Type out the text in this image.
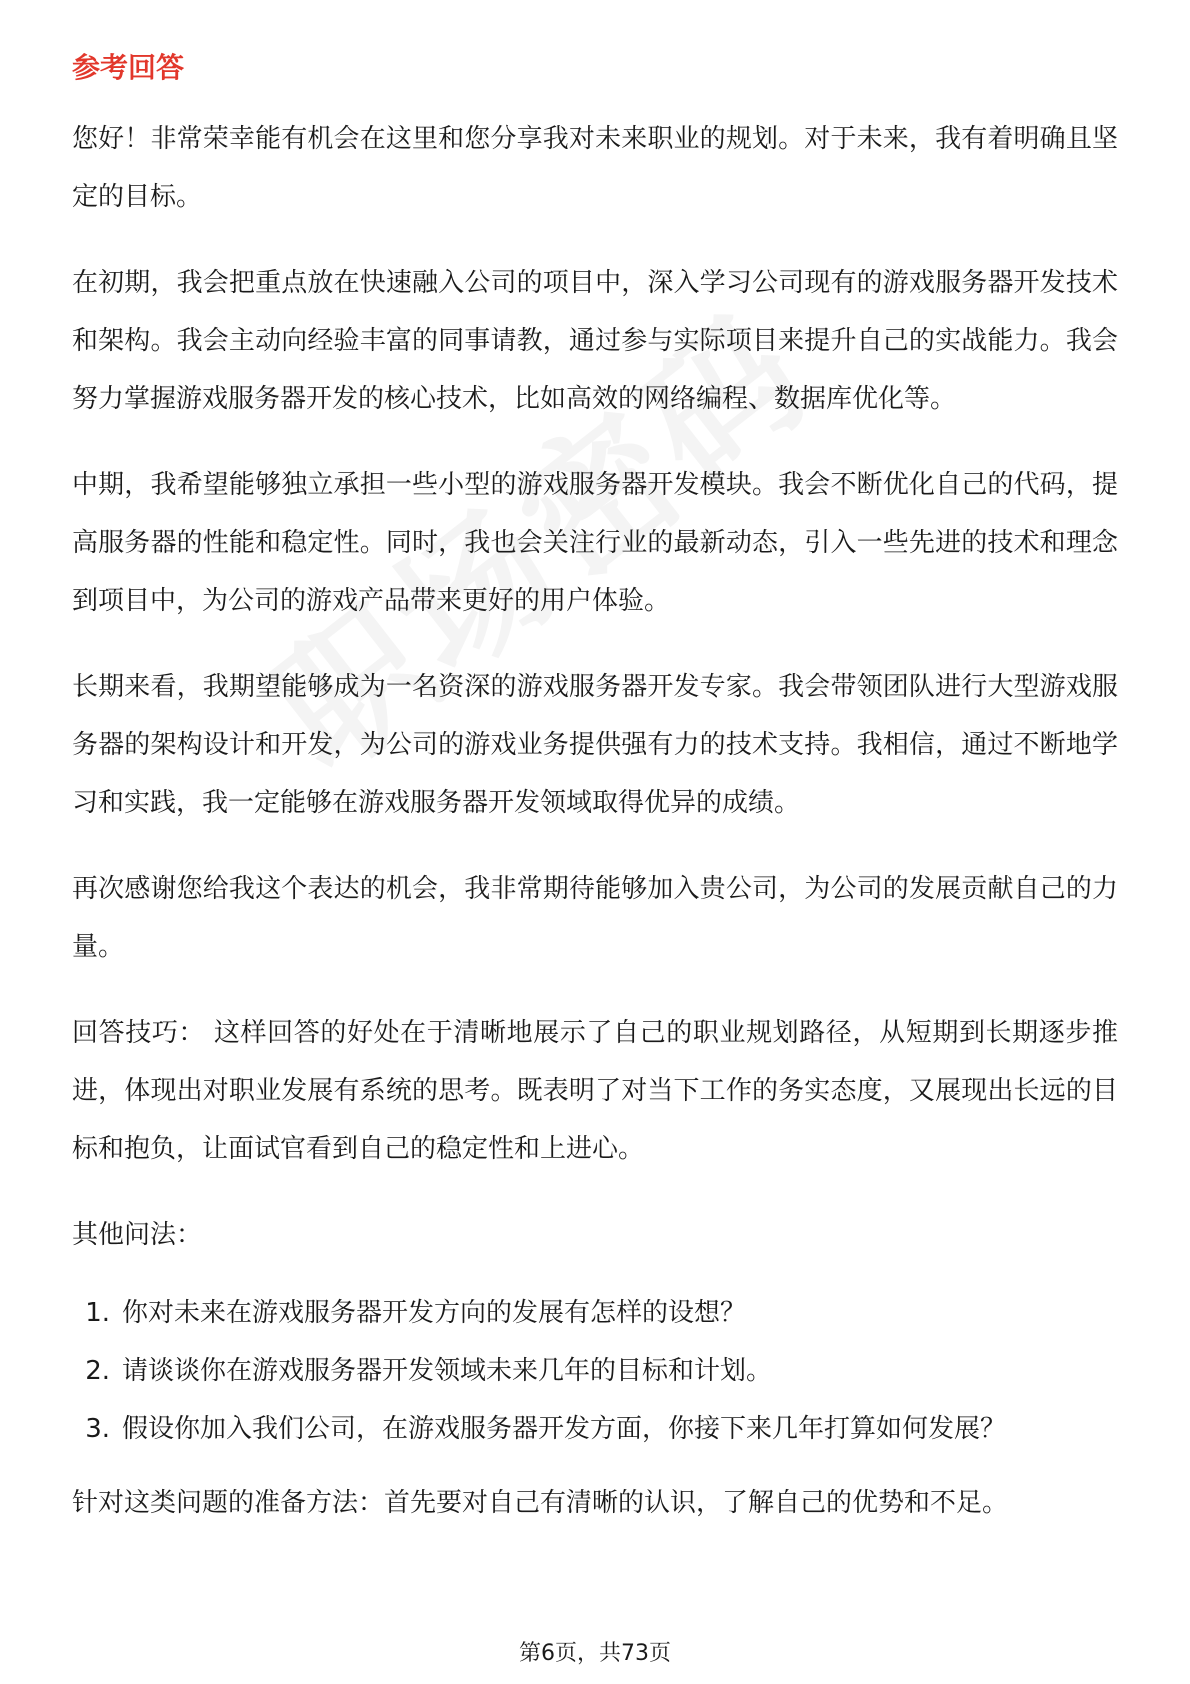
参考回答

您好！非常荣幸能有机会在这里和您分享我对未来职业的规划。对于未来，我有着明确且坚定的目标。

在初期，我会把重点放在快速融入公司的项目中，深入学习公司现有的游戏服务器开发技术和架构。我会主动向经验丰富的同事请教，通过参与实际项目来提升自己的实战能力。我会努力掌握游戏服务器开发的核心技术，比如高效的网络编程、数据库优化等。

中期，我希望能够独立承担一些小型的游戏服务器开发模块。我会不断优化自己的代码，提高服务器的性能和稳定性。同时，我也会关注行业的最新动态，引入一些先进的技术和理念到项目中，为公司的游戏产品带来更好的用户体验。

长期来看，我期望能够成为一名资深的游戏服务器开发专家。我会带领团队进行大型游戏服务器的架构设计和开发，为公司的游戏业务提供强有力的技术支持。我相信，通过不断地学习和实践，我一定能够在游戏服务器开发领域取得优异的成绩。

再次感谢您给我这个表达的机会，我非常期待能够加入贵公司，为公司的发展贡献自己的力量。

回答技巧： 这样回答的好处在于清晰地展示了自己的职业规划路径，从短期到长期逐步推进，体现出对职业发展有系统的思考。既表明了对当下工作的务实态度，又展现出长远的目标和抱负，让面试官看到自己的稳定性和上进心。

其他问法：
1. 你对未来在游戏服务器开发方向的发展有怎样的设想？
2. 请谈谈你在游戏服务器开发领域未来几年的目标和计划。
3. 假设你加入我们公司，在游戏服务器开发方面，你接下来几年打算如何发展？
针对这类问题的准备方法：首先要对自己有清晰的认识，了解自己的优势和不足。
第6页，共73页
